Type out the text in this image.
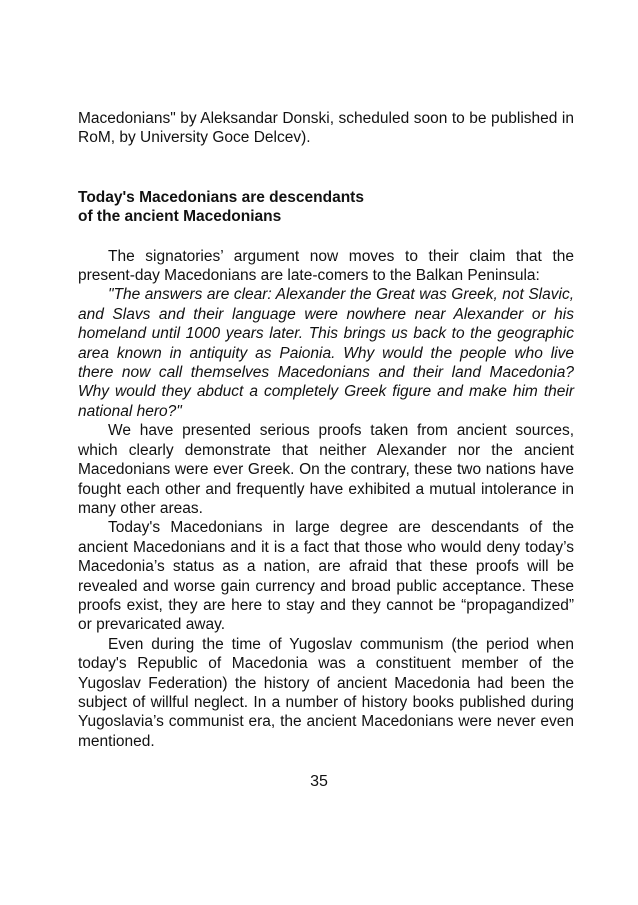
Macedonians" by Aleksandar Donski, scheduled soon to be published in RoM, by University Goce Delcev).

Today's Macedonians are descendants
of the ancient Macedonians

The signatories’ argument now moves to their claim that the present-day Macedonians are late-comers to the Balkan Peninsula:

"The answers are clear: Alexander the Great was Greek, not Slavic, and Slavs and their language were nowhere near Alexander or his homeland until 1000 years later. This brings us back to the geographic area known in antiquity as Paionia. Why would the people who live there now call themselves Macedonians and their land Macedonia? Why would they abduct a completely Greek figure and make him their national hero?"

We have presented serious proofs taken from ancient sources, which clearly demonstrate that neither Alexander nor the ancient Macedonians were ever Greek. On the contrary, these two nations have fought each other and frequently have exhibited a mutual intolerance in many other areas.

Today's Macedonians in large degree are descendants of the ancient Macedonians and it is a fact that those who would deny today’s Macedonia’s status as a nation, are afraid that these proofs will be revealed and worse gain currency and broad public acceptance. These proofs exist, they are here to stay and they cannot be “propagandized” or prevaricated away.

Even during the time of Yugoslav communism (the period when today's Republic of Macedonia was a constituent member of the Yugoslav Federation) the history of ancient Macedonia had been the subject of willful neglect. In a number of history books published during Yugoslavia’s communist era, the ancient Macedonians were never even mentioned.

35
